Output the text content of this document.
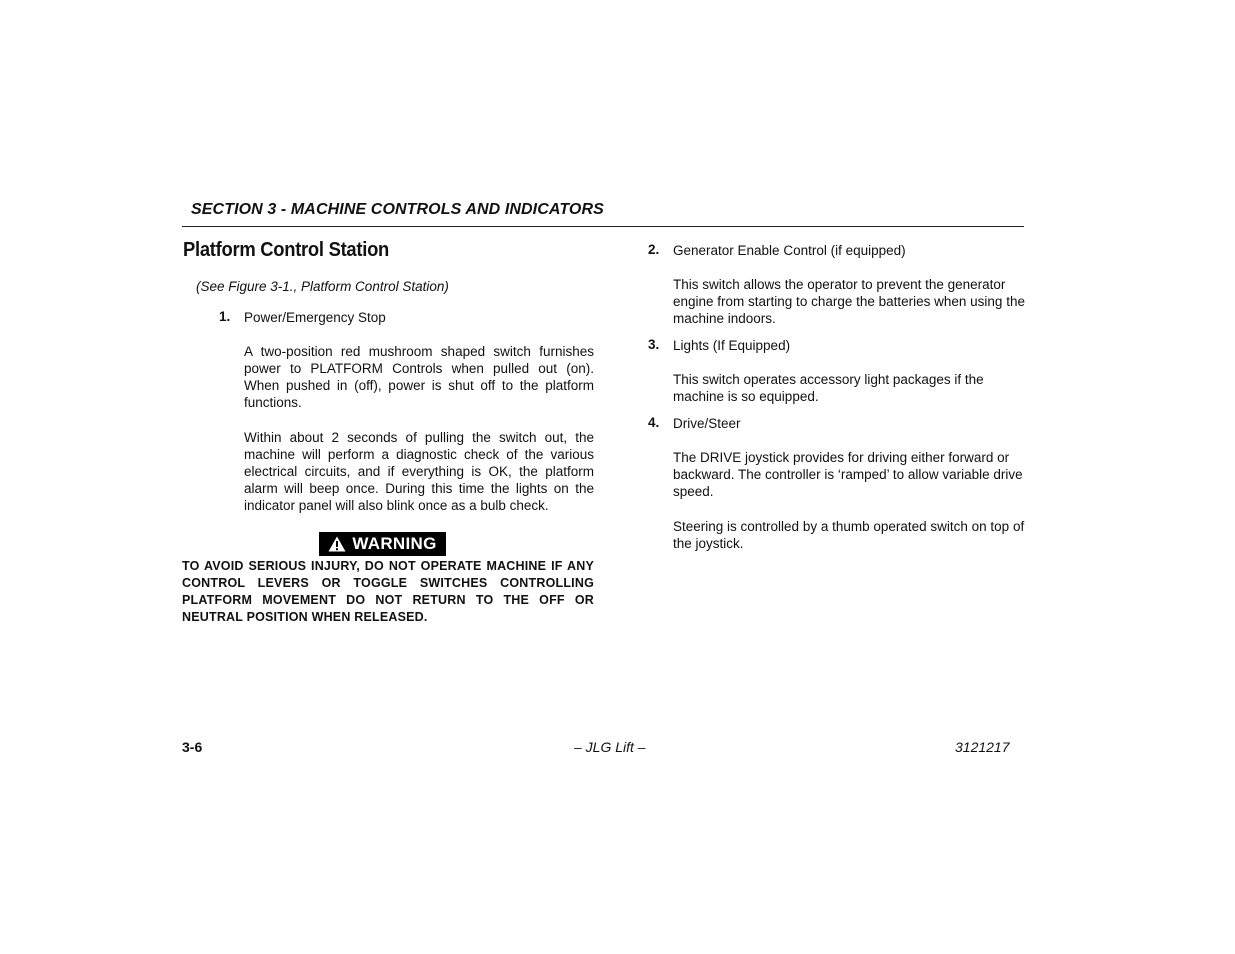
SECTION 3 - MACHINE CONTROLS AND INDICATORS
Platform Control Station
(See Figure 3-1., Platform Control Station)
1. Power/Emergency Stop

A two-position red mushroom shaped switch furnishes power to PLATFORM Controls when pulled out (on). When pushed in (off), power is shut off to the platform functions.

Within about 2 seconds of pulling the switch out, the machine will perform a diagnostic check of the various electrical circuits, and if everything is OK, the platform alarm will beep once. During this time the lights on the indicator panel will also blink once as a bulb check.

WARNING

TO AVOID SERIOUS INJURY, DO NOT OPERATE MACHINE IF ANY CONTROL LEVERS OR TOGGLE SWITCHES CONTROLLING PLATFORM MOVEMENT DO NOT RETURN TO THE OFF OR NEUTRAL POSITION WHEN RELEASED.

2. Generator Enable Control (if equipped)

This switch allows the operator to prevent the generator engine from starting to charge the batteries when using the machine indoors.

3. Lights (If Equipped)

This switch operates accessory light packages if the machine is so equipped.

4. Drive/Steer

The DRIVE joystick provides for driving either forward or backward. The controller is ‘ramped’ to allow variable drive speed.

Steering is controlled by a thumb operated switch on top of the joystick.

3-6	– JLG Lift –	3121217
